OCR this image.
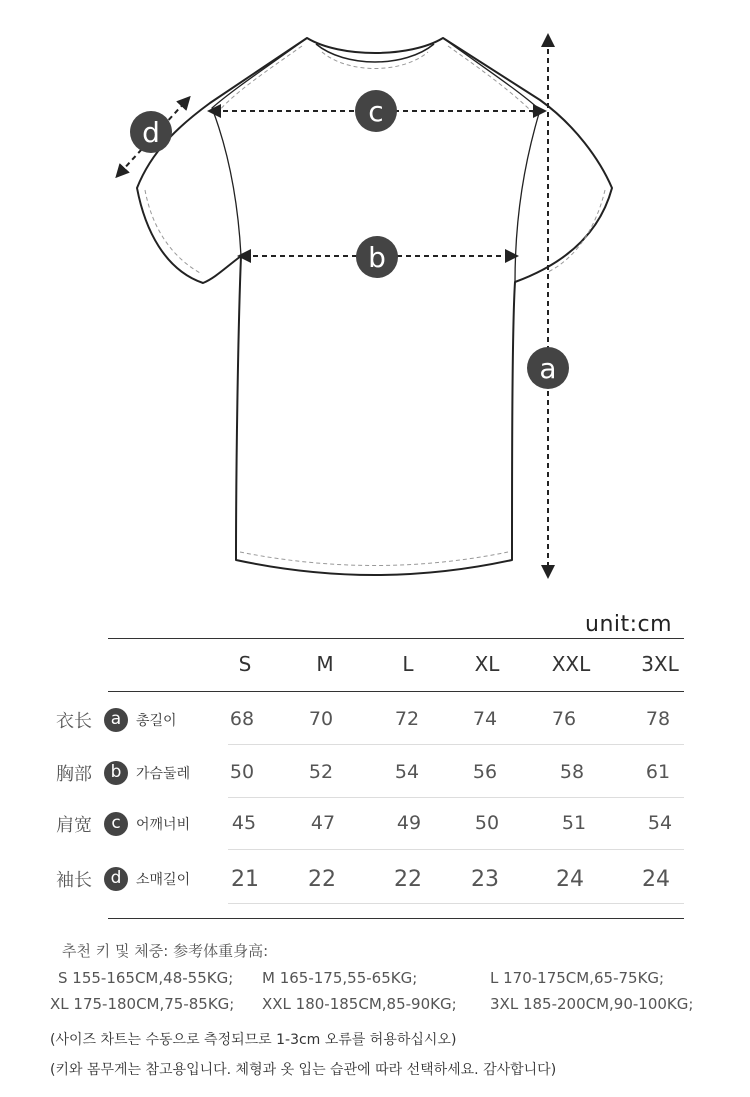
c
b
a
d
unit:cm
S	M	L	XL	XXL	3XL
衣长	a	총길이	68	70	72	74	76	78
胸部	b	가슴둘레	50	52	54	56	58	61
肩宽	c	어깨너비	45	47	49	50	51	54
袖长	d	소매길이	21	22	22	23	24	24
추천 키 및 체중: 参考体重身高:
S 155-165CM,48-55KG; M 165-175,55-65KG;	L 170-175CM,65-75KG;
XL 175-180CM,75-85KG; XXL 180-185CM,85-90KG; 3XL 185-200CM,90-100KG;
(사이즈 차트는 수동으로 측정되므로 1-3cm 오류를 허용하십시오)
(키와 몸무게는 참고용입니다. 체형과 옷 입는 습관에 따라 선택하세요. 감사합니다)
